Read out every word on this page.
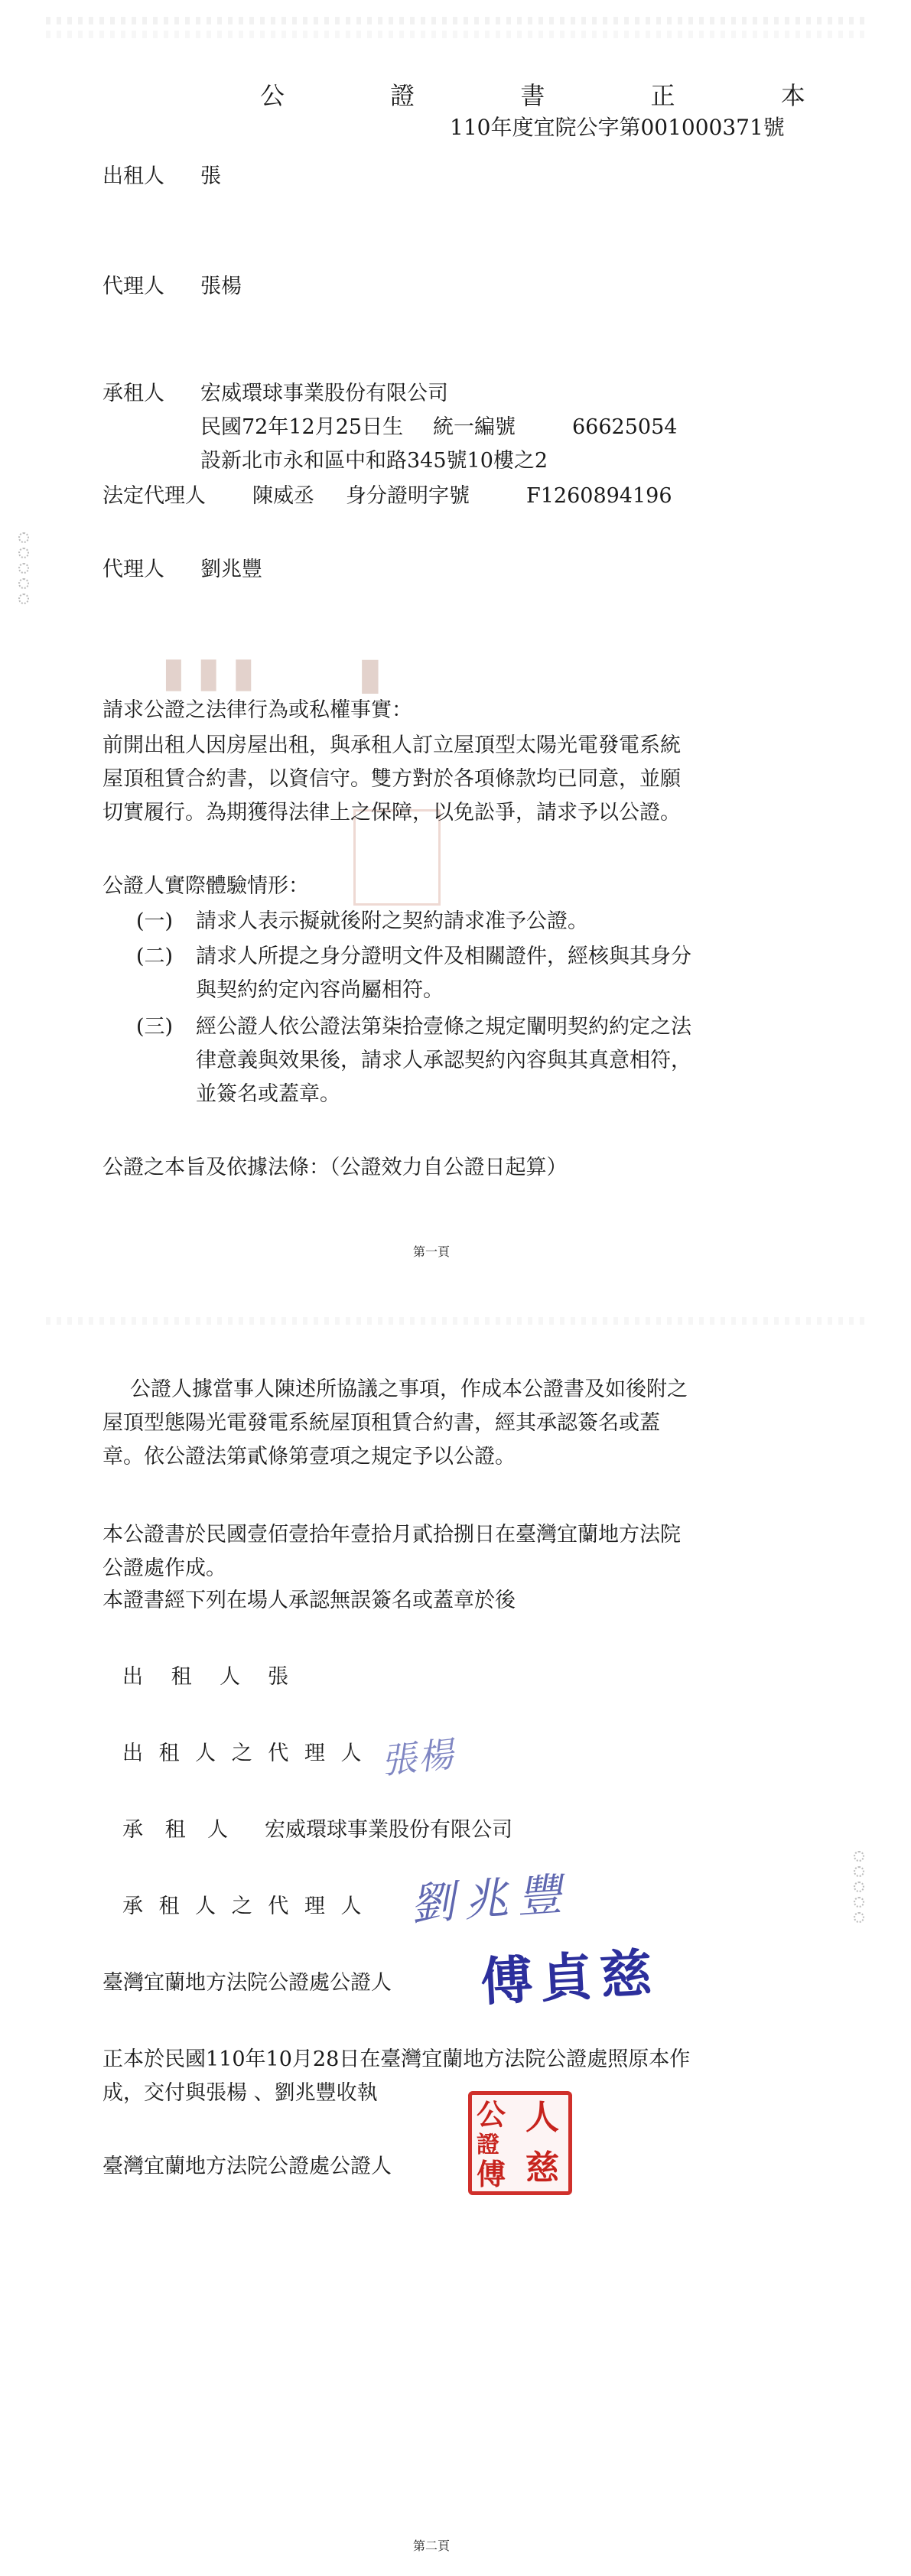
公 證 書 正 本
110年度宜院公字第001000371號
出租人 張
代理人 張楊
承租人 宏威環球事業股份有限公司
民國72年12月25日生 統一編號	66625054
設新北市永和區中和路345號10樓之2
法定代理人 陳威丞 身分證明字號	F1260894196
代理人 劉兆豐
▮▮▮ ▮
請求公證之法律行為或私權事實：
前開出租人因房屋出租，與承租人訂立屋頂型太陽光電發電系統
屋頂租賃合約書，以資信守。雙方對於各項條款均已同意，並願
切實履行。為期獲得法律上之保障，以免訟爭，請求予以公證。
公證人實際體驗情形：
(一) 請求人表示擬就後附之契約請求准予公證。
(二) 請求人所提之身分證明文件及相關證件，經核與其身分
與契約約定內容尚屬相符。
(三) 經公證人依公證法第柒拾壹條之規定闡明契約約定之法
律意義與效果後，請求人承認契約內容與其真意相符，
並簽名或蓋章。
公證之本旨及依據法條：（公證效力自公證日起算）
第一頁
公證人據當事人陳述所協議之事項，作成本公證書及如後附之
屋頂型態陽光電發電系統屋頂租賃合約書，經其承認簽名或蓋
章。依公證法第貳條第壹項之規定予以公證。
本公證書於民國壹佰壹拾年壹拾月貳拾捌日在臺灣宜蘭地方法院
公證處作成。
本證書經下列在場人承認無誤簽名或蓋章於後
出 租 人 張
出 租 人 之 代 理 人
承 租 人 宏威環球事業股份有限公司
承 租 人 之 代 理 人
臺灣宜蘭地方法院公證處公證人
正本於民國110年10月28日在臺灣宜蘭地方法院公證處照原本作
成，交付與張楊 、劉兆豐收執
臺灣宜蘭地方法院公證處公證人
第二頁
張楊
劉兆豐
傅貞慈
人
慈
公
證
傅
